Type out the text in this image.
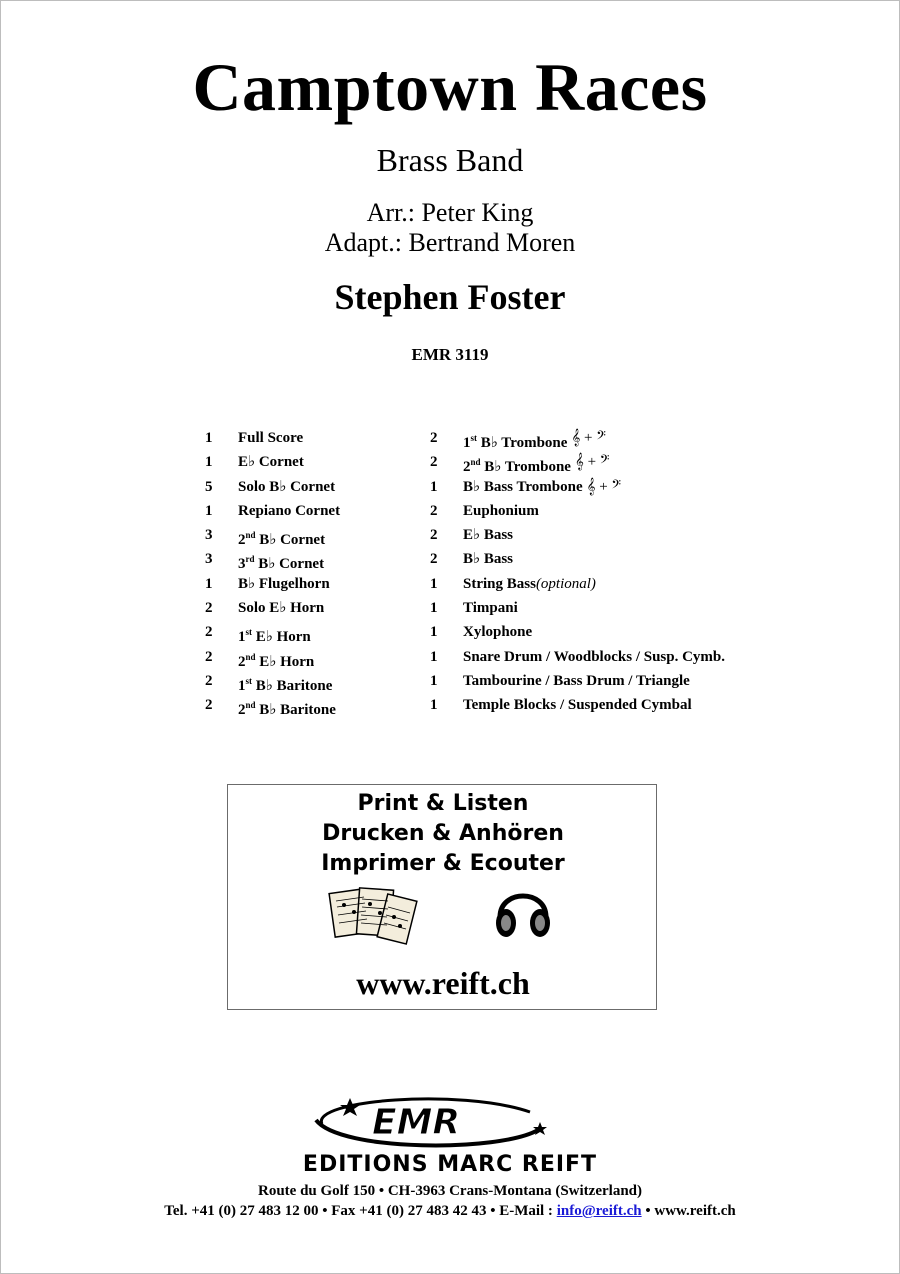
Camptown Races
Brass Band
Arr.: Peter King
Adapt.: Bertrand Moren
Stephen Foster
EMR 3119
1	Full Score
1	E♭ Cornet
5	Solo B♭ Cornet
1	Repiano Cornet
3	2nd B♭ Cornet
3	3rd B♭ Cornet
1	B♭ Flugelhorn
2	Solo E♭ Horn
2	1st E♭ Horn
2	2nd E♭ Horn
2	1st B♭ Baritone
2	2nd B♭ Baritone
2	1st B♭ Trombone 𝄞 + 𝄢
2	2nd B♭ Trombone 𝄞 + 𝄢
1	B♭ Bass Trombone 𝄞 + 𝄢
2	Euphonium
2	E♭ Bass
2	B♭ Bass
1	String Bass (optional)
1	Timpani
1	Xylophone
1	Snare Drum / Woodblocks / Susp. Cymb.
1	Tambourine / Bass Drum / Triangle
1	Temple Blocks / Suspended Cymbal
Print & Listen
Drucken & Anhören
Imprimer & Ecouter
www.reift.ch
EMR
EDITIONS MARC REIFT
Route du Golf 150 • CH-3963 Crans-Montana (Switzerland)
Tel. +41 (0) 27 483 12 00 • Fax +41 (0) 27 483 42 43 • E-Mail : info@reift.ch • www.reift.ch
